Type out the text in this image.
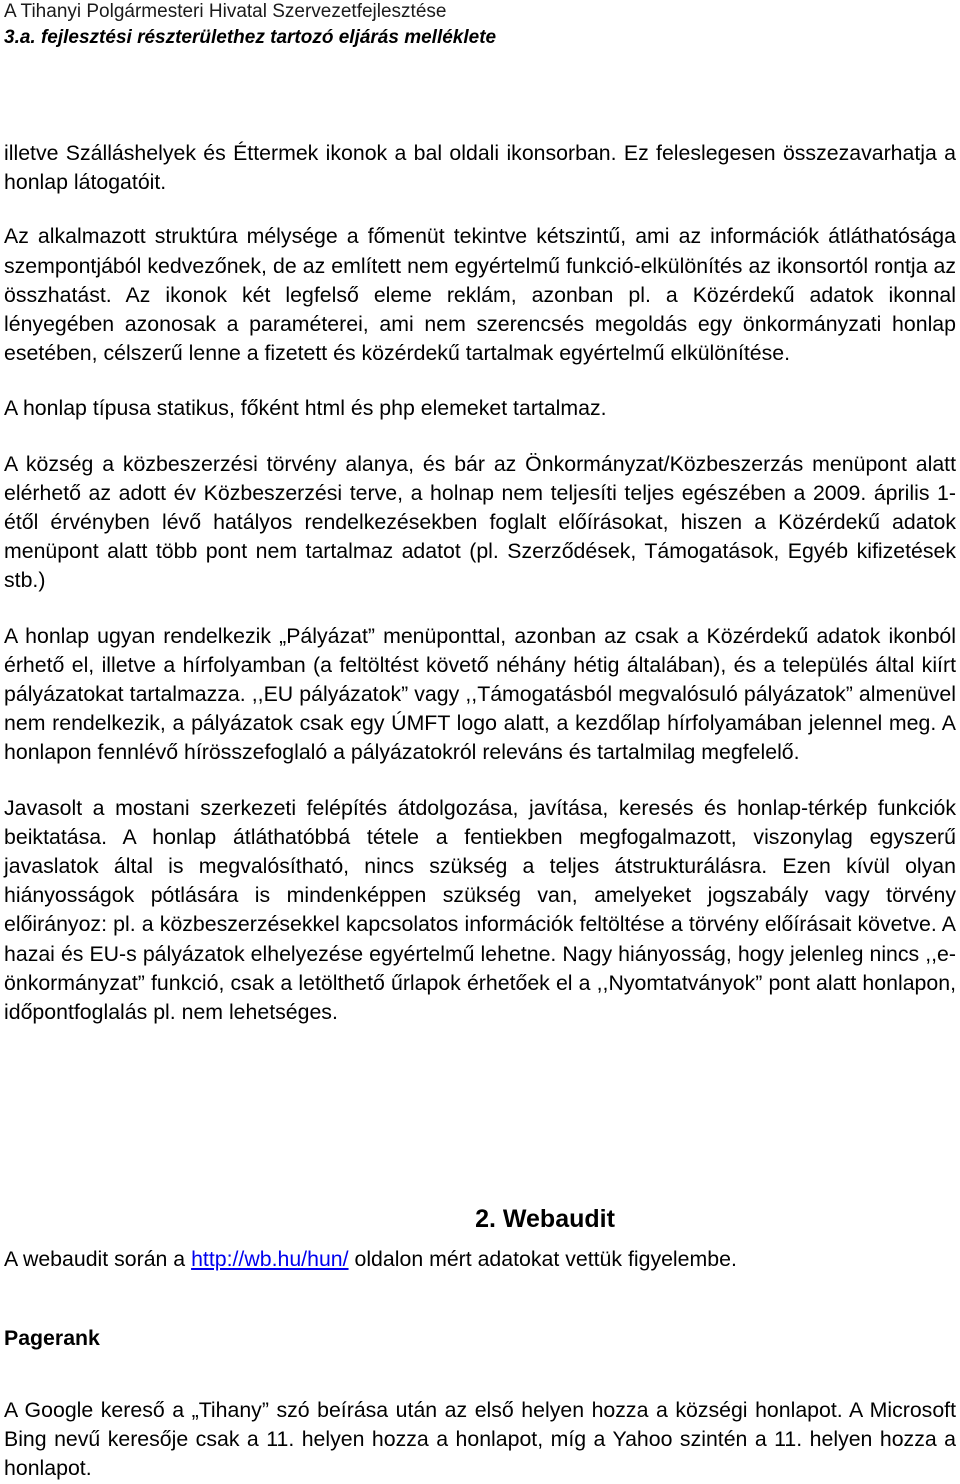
A Tihanyi Polgármesteri Hivatal Szervezetfejlesztése
3.a. fejlesztési részterülethez tartozó eljárás melléklete

illetve Szálláshelyek és Éttermek ikonok a bal oldali ikonsorban. Ez feleslegesen összezavarhatja a honlap látogatóit.

Az alkalmazott struktúra mélysége a főmenüt tekintve kétszintű, ami az információk átláthatósága szempontjából kedvezőnek, de az említett nem egyértelmű funkció-elkülönítés az ikonsortól rontja az összhatást. Az ikonok két legfelső eleme reklám, azonban pl. a Közérdekű adatok ikonnal lényegében azonosak a paraméterei, ami nem szerencsés megoldás egy önkormányzati honlap esetében, célszerű lenne a fizetett és közérdekű tartalmak egyértelmű elkülönítése.

A honlap típusa statikus, főként html és php elemeket tartalmaz.

A község a közbeszerzési törvény alanya, és bár az Önkormányzat/Közbeszerzás menüpont alatt elérhető az adott év Közbeszerzési terve, a holnap nem teljesíti teljes egészében a 2009. április 1-étől érvényben lévő hatályos rendelkezésekben foglalt előírásokat, hiszen a Közérdekű adatok menüpont alatt több pont nem tartalmaz adatot (pl. Szerződések, Támogatások, Egyéb kifizetések stb.)

A honlap ugyan rendelkezik „Pályázat” menüponttal, azonban az csak a Közérdekű adatok ikonból érhető el, illetve a hírfolyamban (a feltöltést követő néhány hétig általában), és a település által kiírt pályázatokat tartalmazza. ,,EU pályázatok” vagy ,,Támogatásból megvalósuló pályázatok” almenüvel nem rendelkezik, a pályázatok csak egy ÚMFT logo alatt, a kezdőlap hírfolyamában jelennel meg. A honlapon fennlévő hírösszefoglaló a pályázatokról releváns és tartalmilag megfelelő.

Javasolt a mostani szerkezeti felépítés átdolgozása, javítása, keresés és honlap-térkép funkciók beiktatása. A honlap átláthatóbbá tétele a fentiekben megfogalmazott, viszonylag egyszerű javaslatok által is megvalósítható, nincs szükség a teljes átstrukturálásra. Ezen kívül olyan hiányosságok pótlására is mindenképpen szükség van, amelyeket jogszabály vagy törvény előirányoz: pl. a közbeszerzésekkel kapcsolatos információk feltöltése a törvény előírásait követve. A hazai és EU-s pályázatok elhelyezése egyértelmű lehetne. Nagy hiányosság, hogy jelenleg nincs ,,e-önkormányzat” funkció, csak a letölthető űrlapok érhetőek el a ,,Nyomtatványok” pont alatt honlapon, időpontfoglalás pl. nem lehetséges.

2. Webaudit
A webaudit során a http://wb.hu/hun/ oldalon mért adatokat vettük figyelembe.
Pagerank

A Google kereső a „Tihany” szó beírása után az első helyen hozza a községi honlapot. A Microsoft Bing nevű keresője csak a 11. helyen hozza a honlapot, míg a Yahoo szintén a 11. helyen hozza a honlapot.
